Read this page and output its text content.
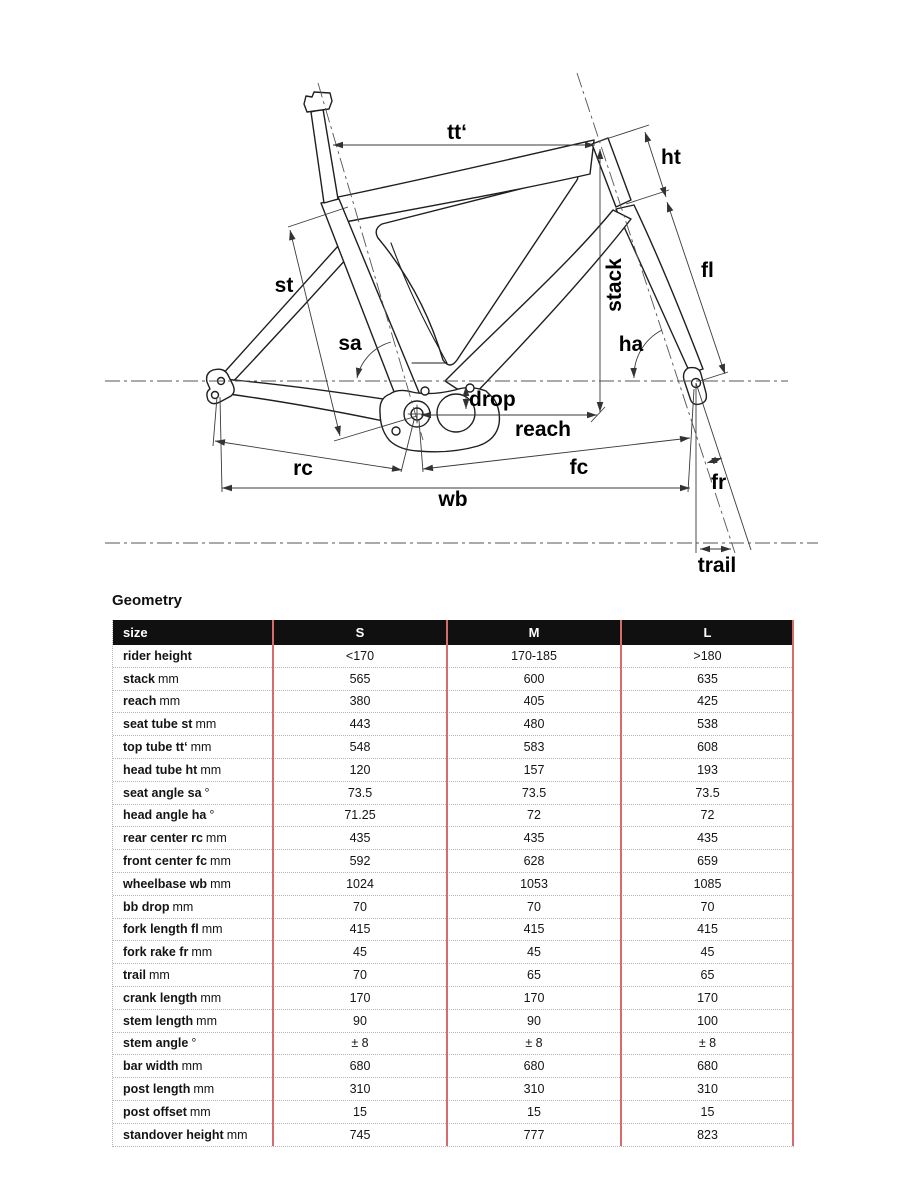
tt‘
ht
fl
st	stack
sa	ha
drop
reach
rc	fc
wb
fr
trail
Geometry
size	S	M	L
rider height	<170	170-185	>180
stack mm	565	600	635
reach mm	380	405	425
seat tube st mm	443	480	538
top tube tt‘ mm	548	583	608
head tube ht mm	120	157	193
seat angle sa °	73.5	73.5	73.5
head angle ha °	71.25	72	72
rear center rc mm	435	435	435
front center fc mm	592	628	659
wheelbase wb mm	1024	1053	1085
bb drop mm	70	70	70
fork length fl mm	415	415	415
fork rake fr mm	45	45	45
trail mm	70	65	65
crank length mm	170	170	170
stem length mm	90	90	100
stem angle °	± 8	± 8	± 8
bar width mm	680	680	680
post length mm	310	310	310
post offset mm	15	15	15
standover height mm	745	777	823
